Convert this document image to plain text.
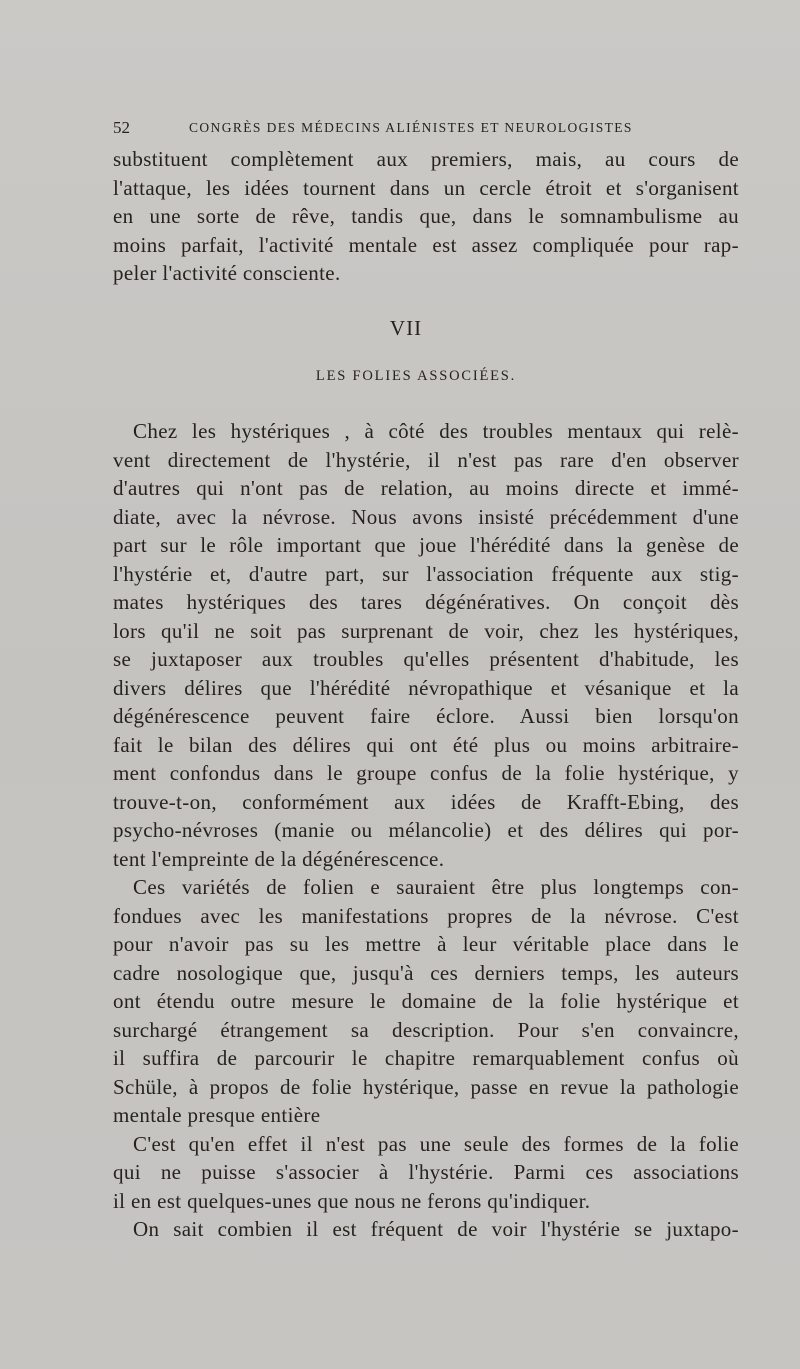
52	CONGRÈS DES MÉDECINS ALIÉNISTES ET NEUROLOGISTES
substituent complètement aux premiers, mais, au cours de
l'attaque, les idées tournent dans un cercle étroit et s'organisent
en une sorte de rêve, tandis que, dans le somnambulisme au
moins parfait, l'activité mentale est assez compliquée pour rap-
peler l'activité consciente.
VII
LES FOLIES ASSOCIÉES.
Chez les hystériques , à côté des troubles mentaux qui relè-
vent directement de l'hystérie, il n'est pas rare d'en observer
d'autres qui n'ont pas de relation, au moins directe et immé-
diate, avec la névrose. Nous avons insisté précédemment d'une
part sur le rôle important que joue l'hérédité dans la genèse de
l'hystérie et, d'autre part, sur l'association fréquente aux stig-
mates hystériques des tares dégénératives. On conçoit dès
lors qu'il ne soit pas surprenant de voir, chez les hystériques,
se juxtaposer aux troubles qu'elles présentent d'habitude, les
divers délires que l'hérédité névropathique et vésanique et la
dégénérescence peuvent faire éclore. Aussi bien lorsqu'on
fait le bilan des délires qui ont été plus ou moins arbitraire-
ment confondus dans le groupe confus de la folie hystérique, y
trouve-t-on, conformément aux idées de Krafft-Ebing, des
psycho-névroses (manie ou mélancolie) et des délires qui por-
tent l'empreinte de la dégénérescence.
Ces variétés de folien e sauraient être plus longtemps con-
fondues avec les manifestations propres de la névrose. C'est
pour n'avoir pas su les mettre à leur véritable place dans le
cadre nosologique que, jusqu'à ces derniers temps, les auteurs
ont étendu outre mesure le domaine de la folie hystérique et
surchargé étrangement sa description. Pour s'en convaincre,
il suffira de parcourir le chapitre remarquablement confus où
Schüle, à propos de folie hystérique, passe en revue la pathologie
mentale presque entière
C'est qu'en effet il n'est pas une seule des formes de la folie
qui ne puisse s'associer à l'hystérie. Parmi ces associations
il en est quelques-unes que nous ne ferons qu'indiquer.
On sait combien il est fréquent de voir l'hystérie se juxtapo-
